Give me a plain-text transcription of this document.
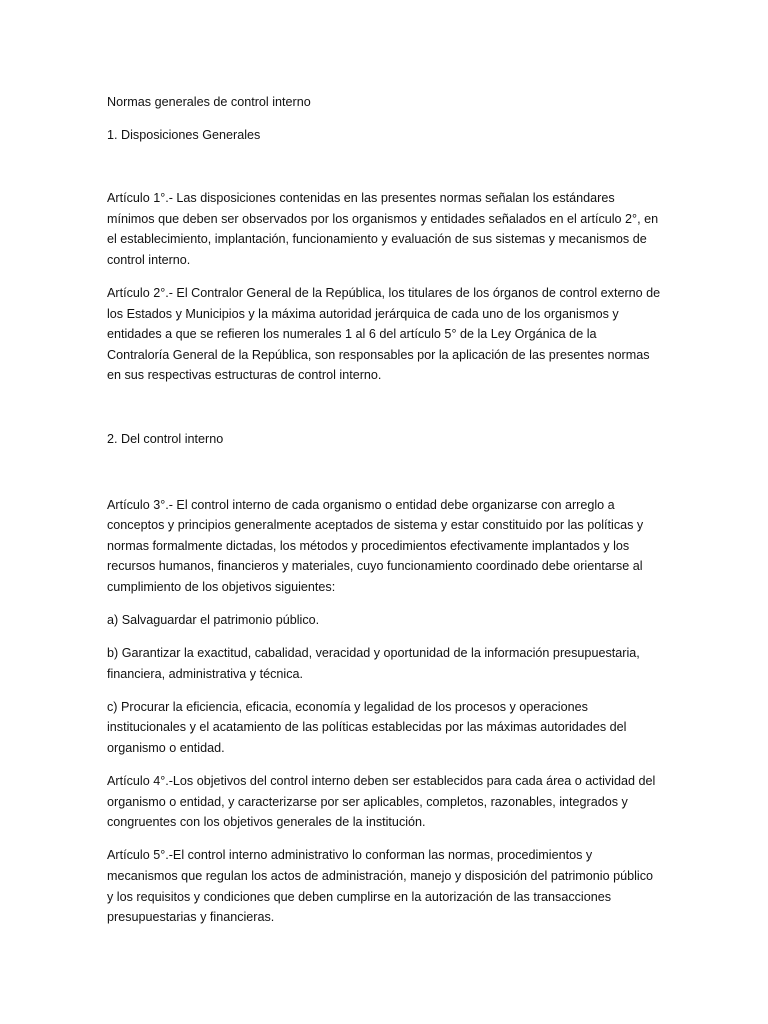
Normas generales de control interno

1. Disposiciones Generales

Artículo 1°.- Las disposiciones contenidas en las presentes normas señalan los estándares mínimos que deben ser observados por los organismos y entidades señalados en el artículo 2°, en el establecimiento, implantación, funcionamiento y evaluación de sus sistemas y mecanismos de control interno.

Artículo 2°.- El Contralor General de la República, los titulares de los órganos de control externo de los Estados y Municipios y la máxima autoridad jerárquica de cada uno de los organismos y entidades a que se refieren los numerales 1 al 6 del artículo 5° de la Ley Orgánica de la Contraloría General de la República, son responsables por la aplicación de las presentes normas en sus respectivas estructuras de control interno.

2. Del control interno

Artículo 3°.- El control interno de cada organismo o entidad debe organizarse con arreglo a conceptos y principios generalmente aceptados de sistema y estar constituido por las políticas y normas formalmente dictadas, los métodos y procedimientos efectivamente implantados y los recursos humanos, financieros y materiales, cuyo funcionamiento coordinado debe orientarse al cumplimiento de los objetivos siguientes:

a) Salvaguardar el patrimonio público.

b) Garantizar la exactitud, cabalidad, veracidad y oportunidad de la información presupuestaria, financiera, administrativa y técnica.

c) Procurar la eficiencia, eficacia, economía y legalidad de los procesos y operaciones institucionales y el acatamiento de las políticas establecidas por las máximas autoridades del organismo o entidad.

Artículo 4°.-Los objetivos del control interno deben ser establecidos para cada área o actividad del organismo o entidad, y caracterizarse por ser aplicables, completos, razonables, integrados y congruentes con los objetivos generales de la institución.

Artículo 5°.-El control interno administrativo lo conforman las normas, procedimientos y mecanismos que regulan los actos de administración, manejo y disposición del patrimonio público y los requisitos y condiciones que deben cumplirse en la autorización de las transacciones presupuestarias y financieras.
